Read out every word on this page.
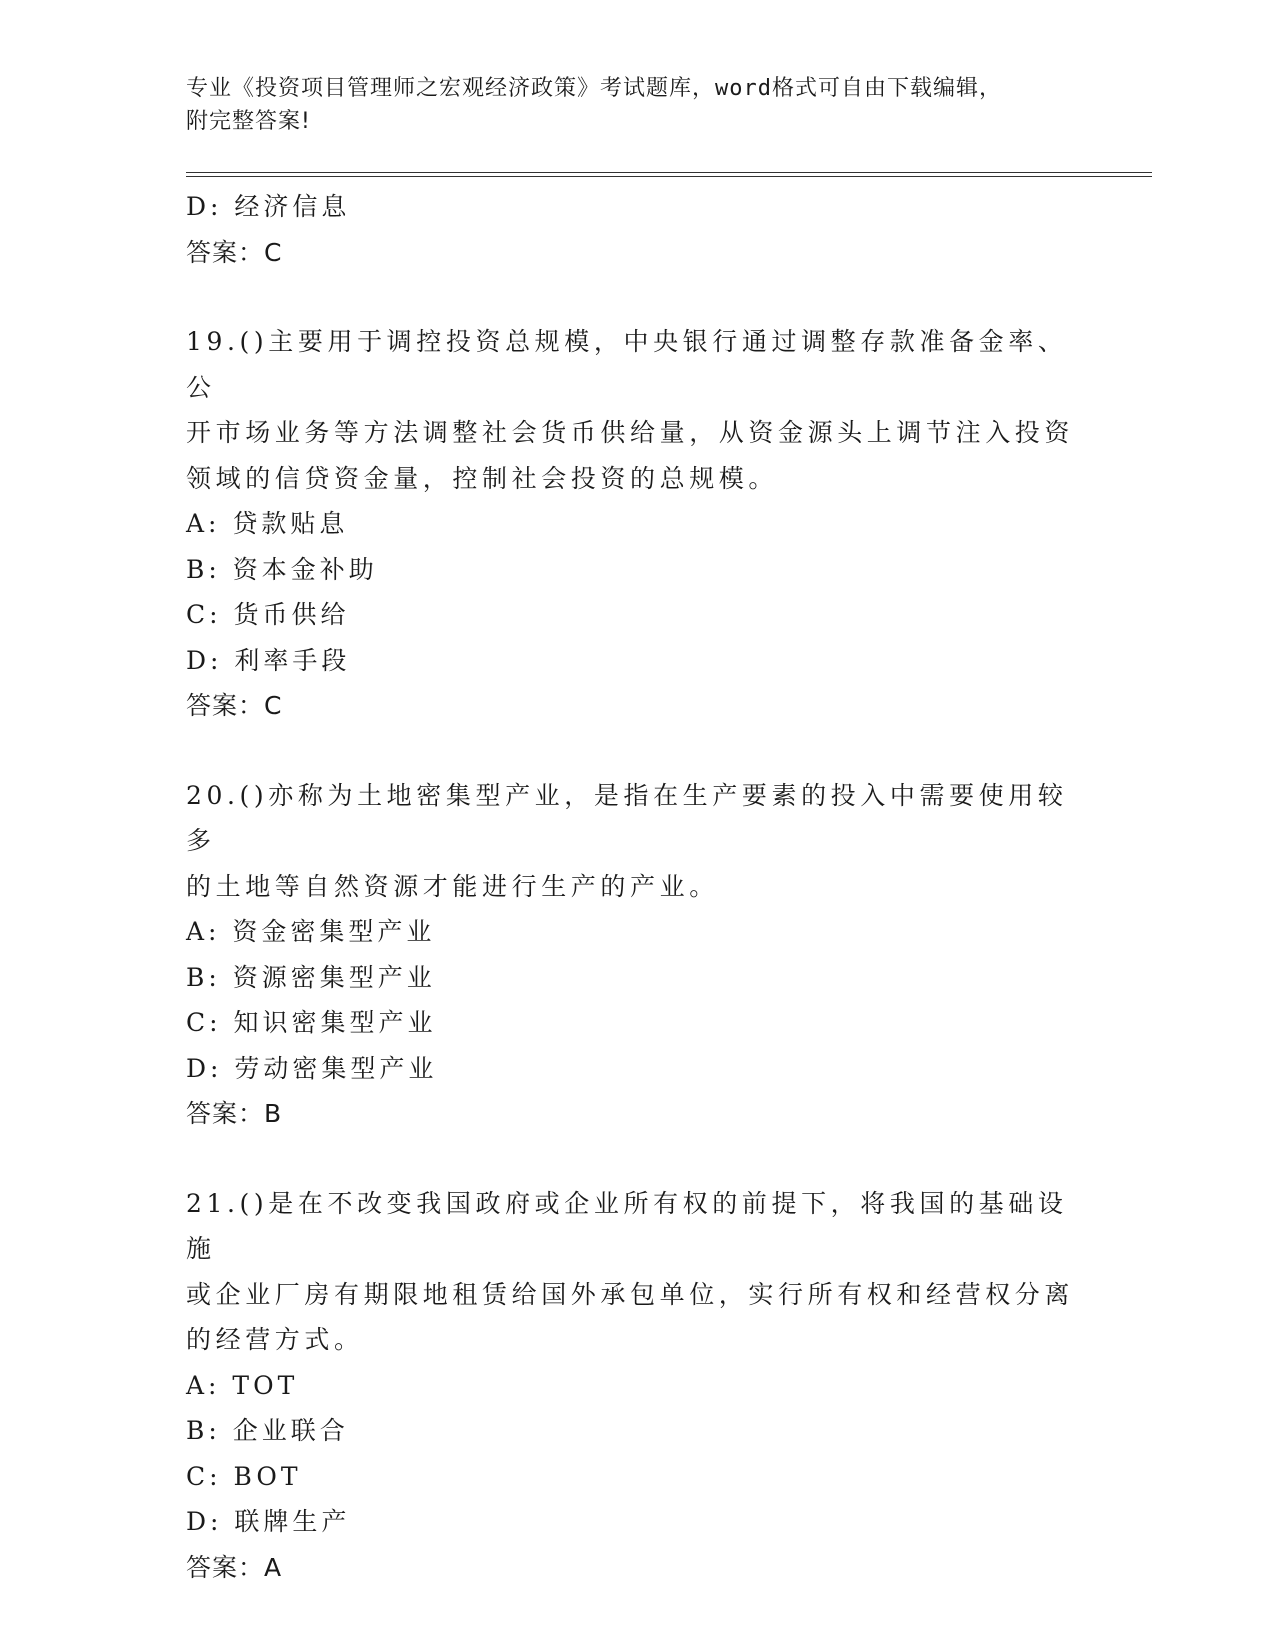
专业《投资项目管理师之宏观经济政策》考试题库，word格式可自由下载编辑，
附完整答案!
D: 经济信息
答案：C
19.()主要用于调控投资总规模，中央银行通过调整存款准备金率、公
开市场业务等方法调整社会货币供给量，从资金源头上调节注入投资
领域的信贷资金量，控制社会投资的总规模。
A: 贷款贴息
B: 资本金补助
C: 货币供给
D: 利率手段
答案：C
20.()亦称为土地密集型产业，是指在生产要素的投入中需要使用较多
的土地等自然资源才能进行生产的产业。
A: 资金密集型产业
B: 资源密集型产业
C: 知识密集型产业
D: 劳动密集型产业
答案：B
21.()是在不改变我国政府或企业所有权的前提下，将我国的基础设施
或企业厂房有期限地租赁给国外承包单位，实行所有权和经营权分离
的经营方式。
A: TOT
B: 企业联合
C: BOT
D: 联牌生产
答案：A
